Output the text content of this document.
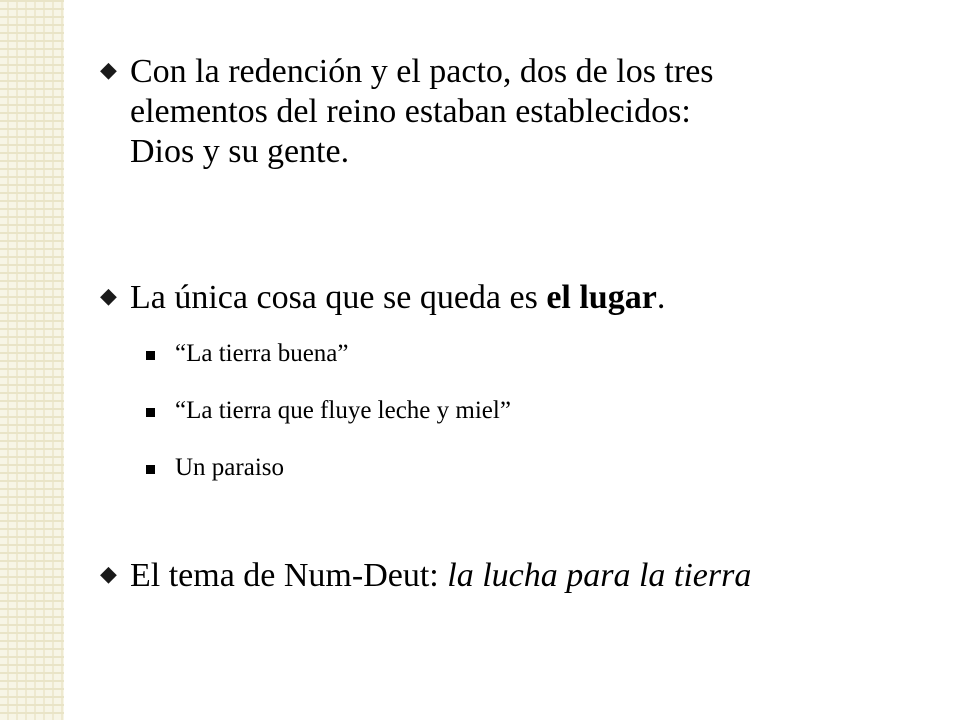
◆ Con la redención y el pacto, dos de los tres
elementos del reino estaban establecidos:
Dios y su gente.
◆ La única cosa que se queda es el lugar.
“La tierra buena”
“La tierra que fluye leche y miel”
Un paraiso
◆ El tema de Num-Deut: la lucha para la tierra
